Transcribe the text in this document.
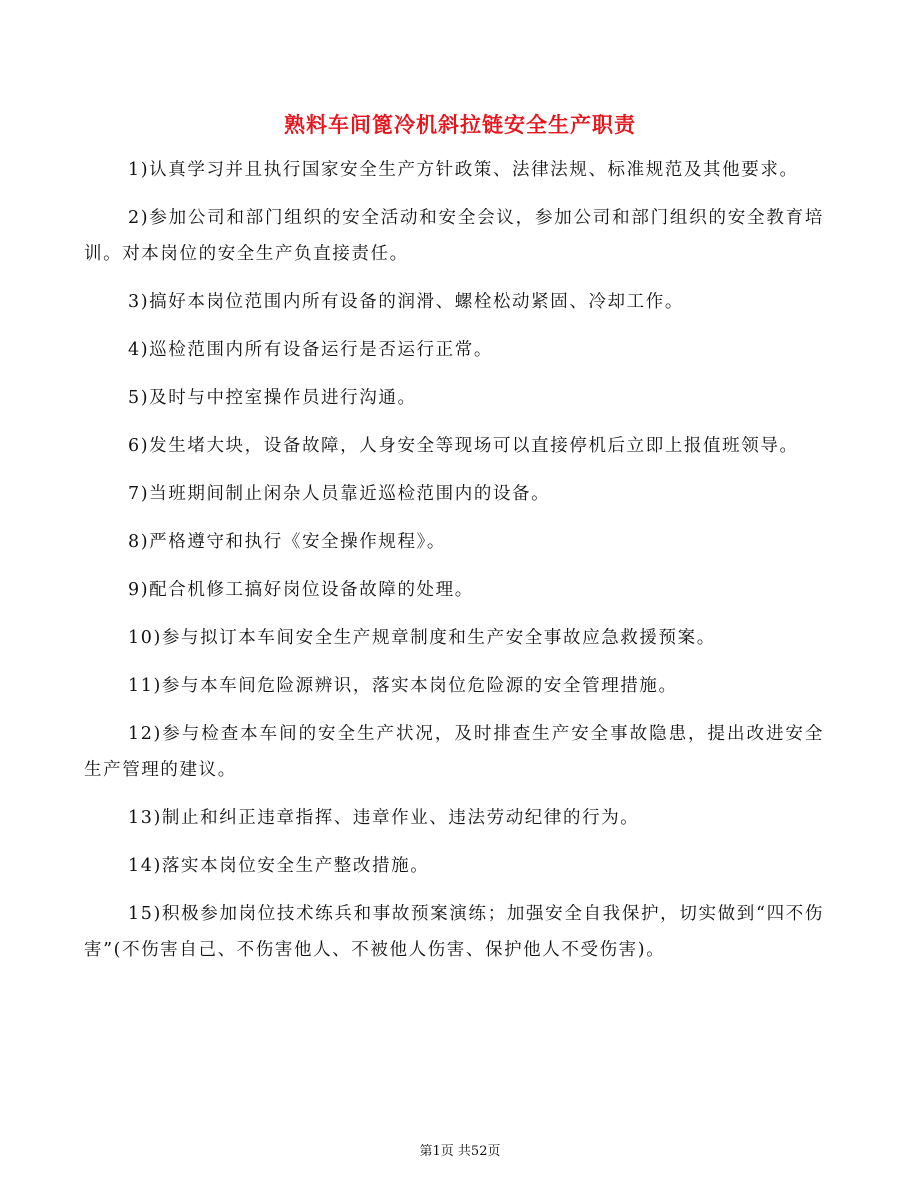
熟料车间篦冷机斜拉链安全生产职责

1)认真学习并且执行国家安全生产方针政策、法律法规、标准规范及其他要求。

2)参加公司和部门组织的安全活动和安全会议，参加公司和部门组织的安全教育培训。对本岗位的安全生产负直接责任。

3)搞好本岗位范围内所有设备的润滑、螺栓松动紧固、冷却工作。

4)巡检范围内所有设备运行是否运行正常。

5)及时与中控室操作员进行沟通。

6)发生堵大块，设备故障，人身安全等现场可以直接停机后立即上报值班领导。

7)当班期间制止闲杂人员靠近巡检范围内的设备。

8)严格遵守和执行《安全操作规程》。

9)配合机修工搞好岗位设备故障的处理。

10)参与拟订本车间安全生产规章制度和生产安全事故应急救援预案。

11)参与本车间危险源辨识，落实本岗位危险源的安全管理措施。

12)参与检查本车间的安全生产状况，及时排查生产安全事故隐患，提出改进安全生产管理的建议。

13)制止和纠正违章指挥、违章作业、违法劳动纪律的行为。

14)落实本岗位安全生产整改措施。

15)积极参加岗位技术练兵和事故预案演练；加强安全自我保护，切实做到“四不伤害”(不伤害自己、不伤害他人、不被他人伤害、保护他人不受伤害)。

第1页 共52页
